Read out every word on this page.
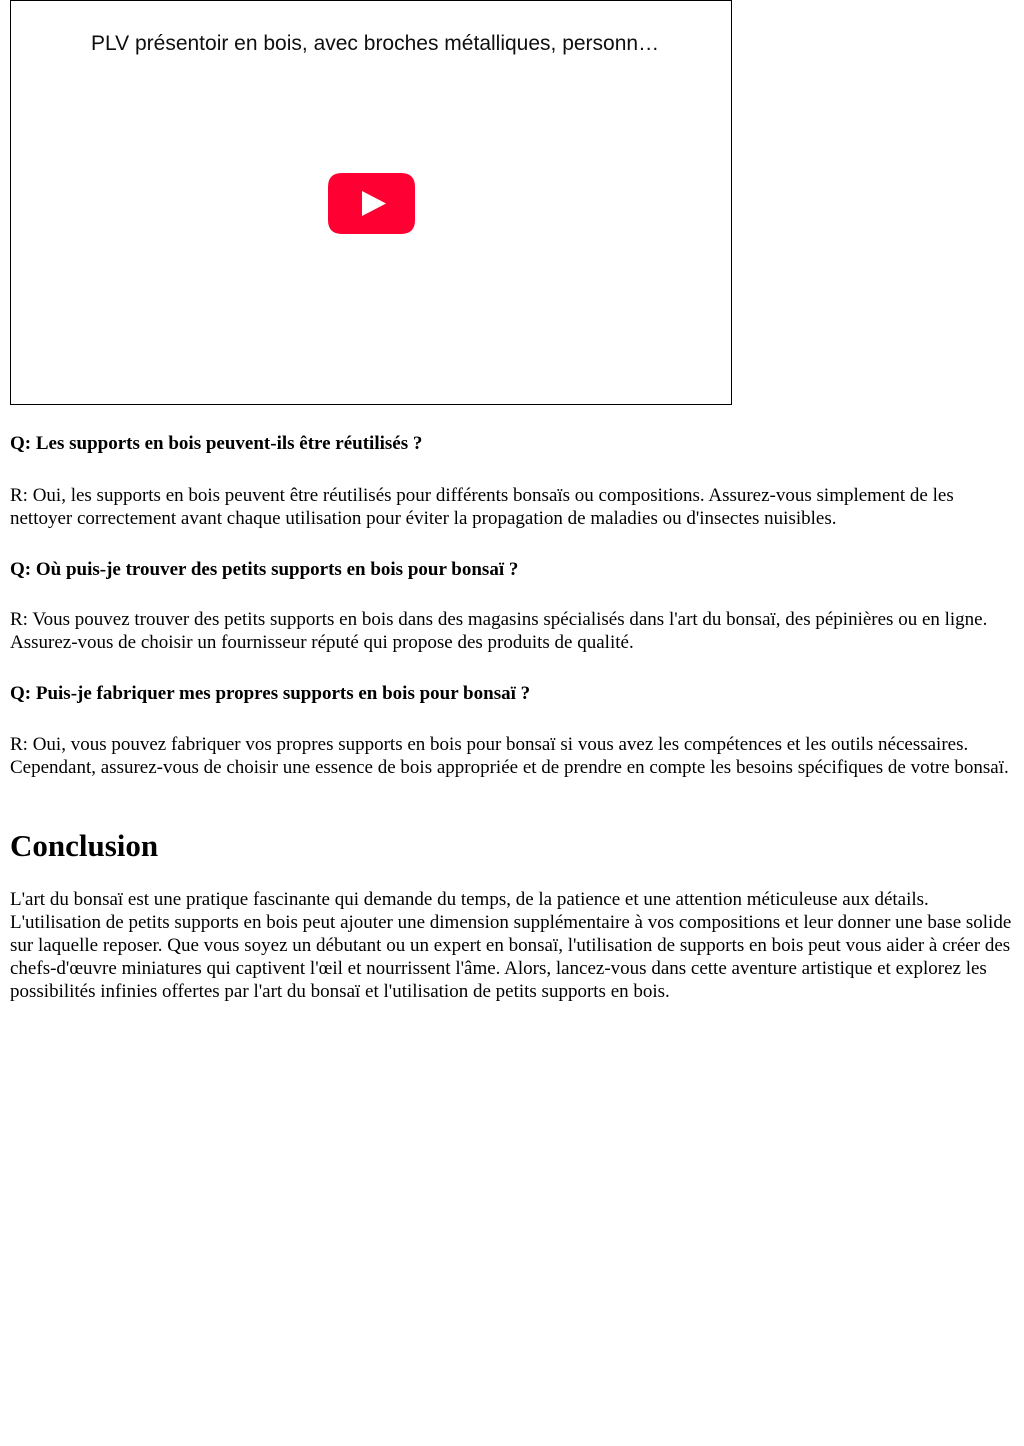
PLV présentoir en bois, avec broches métalliques, personn…

Q: Les supports en bois peuvent-ils être réutilisés ?

R: Oui, les supports en bois peuvent être réutilisés pour différents bonsaïs ou compositions. Assurez-vous simplement de les nettoyer correctement avant chaque utilisation pour éviter la propagation de maladies ou d'insectes nuisibles.

Q: Où puis-je trouver des petits supports en bois pour bonsaï ?

R: Vous pouvez trouver des petits supports en bois dans des magasins spécialisés dans l'art du bonsaï, des pépinières ou en ligne. Assurez-vous de choisir un fournisseur réputé qui propose des produits de qualité.

Q: Puis-je fabriquer mes propres supports en bois pour bonsaï ?

R: Oui, vous pouvez fabriquer vos propres supports en bois pour bonsaï si vous avez les compétences et les outils nécessaires. Cependant, assurez-vous de choisir une essence de bois appropriée et de prendre en compte les besoins spécifiques de votre bonsaï.

Conclusion

L'art du bonsaï est une pratique fascinante qui demande du temps, de la patience et une attention méticuleuse aux détails. L'utilisation de petits supports en bois peut ajouter une dimension supplémentaire à vos compositions et leur donner une base solide sur laquelle reposer. Que vous soyez un débutant ou un expert en bonsaï, l'utilisation de supports en bois peut vous aider à créer des chefs-d'œuvre miniatures qui captivent l'œil et nourrissent l'âme. Alors, lancez-vous dans cette aventure artistique et explorez les possibilités infinies offertes par l'art du bonsaï et l'utilisation de petits supports en bois.
